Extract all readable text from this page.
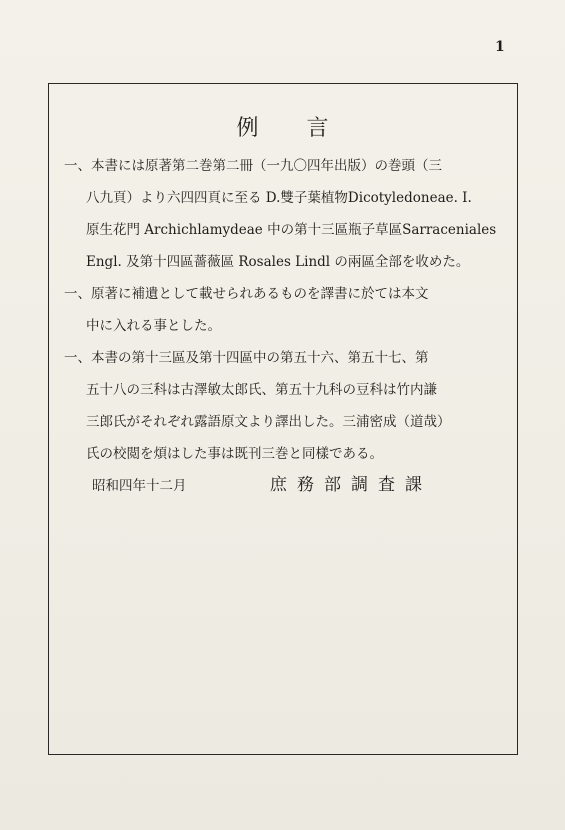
1
例言
一、本書には原著第二巻第二冊（一九〇四年出版）の巻頭（三
八九頁）より六四四頁に至る D.雙子葉植物Dicotyledoneae. I.
原生花門 Archichlamydeae 中の第十三區瓶子草區Sarraceniales
Engl. 及第十四區薔薇區 Rosales Lindl の兩區全部を收めた。
一、原著に補遺として載せられあるものを譯書に於ては本文
中に入れる事とした。
一、本書の第十三區及第十四區中の第五十六、第五十七、第
五十八の三科は古澤敏太郎氏、第五十九科の豆科は竹内謙
三郎氏がそれぞれ露語原文より譯出した。三浦密成（道哉）
氏の校閲を煩はした事は既刊三巻と同樣である。
昭和四年十二月	庶務部調査課
